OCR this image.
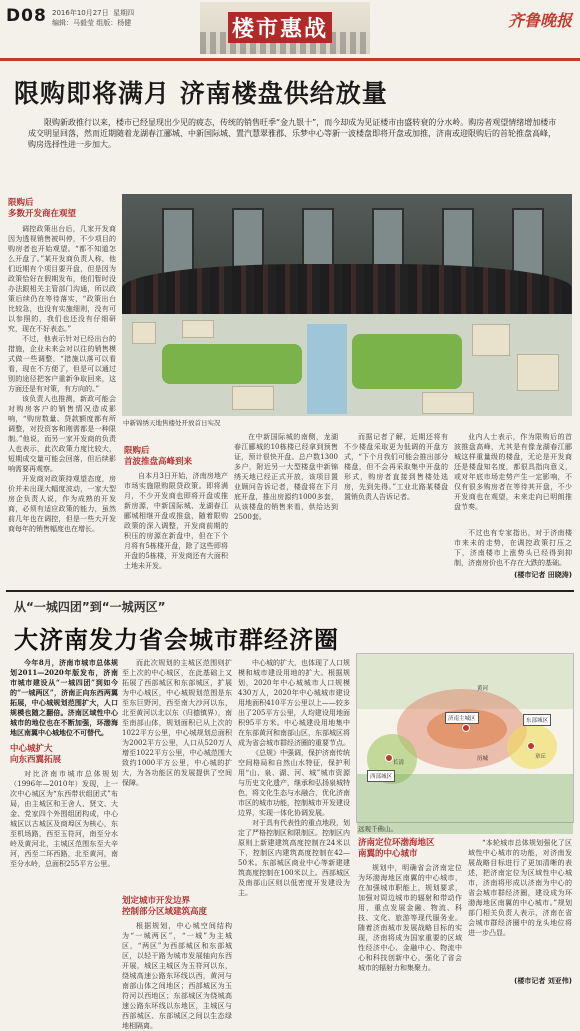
D08 2016年10月27日 星期四
编辑：马毅莹 组版：杨健	楼市惠战	齐鲁晚报
限购即将满月 济南楼盘供给放量
限购新政推行以来，楼市已经显现出少见的疲态，传统的销售旺季“金九银十”，而今却成为见证楼市由盛转衰的分水岭。购房者观望情绪增加楼市成交明显回落，然而近期随着龙湖春江郦城、中新国际城、置汽慧翠雅郡、乐梦中心等新一波楼盘即将开盘或加推，济南或迎限购后的首轮推盘高峰，购房选择性进一步加大。
限购后
多数开发商在观望
调控政策出台后，几家开发商因为透视销售被叫停，不少项目的购房者也开始观望。“都不知道怎么开盘了。”某开发商负责人称，他们近期有个项目要开盘，但是因为政策恰好在假期发布，他们暂时没办法跟相关主管部门沟通，所以政策后续仍在等待落实，“政策出台比较急，也没有实施细则，没有可以参照的，我们也还没有仔细研究，现在不好表态。”
不过，他表示针对已经出台的措施，企业未来会对以往的销售模式做一些调整，“措施以落可以看看，现在不方便了，但是可以通过别的途径把客户重新争取回来，这方面还是有对策，有方向的。”
该负责人也推测，新政可能会对购房客户的销售情况造成影响，“购房数量、贷款额度都有所调整，对投资客和刚需都是一种限制。”他说，而另一家开发商的负责人也表示，此次政策力度比较大，短期成交量可能会回落，但后续影响需要再观察。
开发商对政策持观望态度，房价并未出现大幅度波动，一家大型房企负责人说，作为成熟的开发商，必须有适应政策的能力，虽然前几年也在调控，但是一些大开发商每年的销售幅度也在增长。
中新锦绣天地售楼处开放首日实况
限购后
首波推盘高峰到来
自本月3日开始，济南房地产市场实施限购限贷政策。即将满月，不少开发商也即将开盘或推新房源，中新国际城、龙湖春江郦城相继开盘或推盘，随着限购政策的深入调整，开发商前期的积压的房源在新盘中，但在下个月将有5栋楼开盘，除了这些即将开盘的5栋楼，开发商还有大面积土地未开发。
在中新国际城的南侧，龙湖春江郦城的10栋楼已经拿到预售证，预计很快开盘。总户数1300多户，附近另一大型楼盘中新锦绣天地已经正式开放，该项目置业顾问告诉记者，楼盘将在下月底开盘，推出房源约1000多套，从该楼盘的销售来看，供给达到2500套。
而据记者了解，近期还将有不少楼盘采取更为低调的开盘方式，“下个月我们可能会推出部分楼盘，但不会再采取集中开盘的形式，购房者直接到售楼处选房，先到先得。”工业北路某楼盘置销负责人告诉记者。
业内人士表示，作为限购后的首波推盘高峰，尤其是有像龙湖春江郦城这样重量级的楼盘，无论是开发商还是楼盘知名度，都很具指向意义，或对年底市场走势产生一定影响，不仅有很多购房者在等待其开盘，不少开发商也在观望，未来走向已明朗推盘节奏。
不过也有专家指出，对于济南楼市来未的走势，在调控政策打压之下，济南楼市上涨势头已经得到抑制，济南房价也不存在大跌的基础。
(楼市记者 田晓涛)
从“一城四团”到“一城两区”
大济南发力省会城市群经济圈
今年8月，济南市城市总体规划2011—2020年版发布，济南市城市建设从“一城四团”到如今的“一城两区”，济南正向东西两翼拓展，中心城规划范围扩大，人口规模也随之翻倍。济南区域性中心城市的地位也在不断加强，环渤海地区南翼中心城地位不可替代。
中心城扩大
向东西翼拓展
对比济南市城市总体规划（1996年—2010年）发现，上一次中心城区为“东西带状组团式”布局，由主城区和王舍人、贤文、大金、党家四个外围组团构成，中心城区以古城区及商埠区为核心，东至机场路，西至玉符河，南至分水岭及黄河北，主城区范围东至大辛河，西至二环西路，北至黄河，南至分水岭，总面积255平方公里。
而此次规划的主城区范围则扩至上次的中心城区，在此基础上又拓展了西部城区和东部城区，扩展为中心城区，中心城规划范围是东至东巨野河，西至南大沙河以东，北至黄河以北以东（归德镇界），南至南部山体，规划面积已从上次的1022平方公里，中心城规划总面积为2002平方公里，人口从520万人增至1022平方公里，中心城范围大致约1000平方公里，中心城的扩大，为各功能区的发展提供了空间保障。
划定城市开发边界
控制部分区域建筑高度
根据规划，中心城空间结构为“一城两区”，“一城”为主城区，“两区”为西部城区和东部城区，以轻干路为城市发展轴向东西开展，城区主城区为玉符河以东，绕城高速公路东环线以西，黄河与南部山体之间地区；西部城区为玉符河以西地区；东部城区为绕城高速公路东环线以东地区，主城区与西部城区、东部城区之间以生态绿地相隔离。
中心城的扩大，也体现了人口规模和城市建设用地的扩大。根据规划，2020年中心城城市人口规模430万人，2020年中心城城市建设用地面积410平方公里以上——较多出了205平方公里，人均建设用地面积95平方米。中心城建设用地集中在东部黄河和南部山区，东部城区将成为省会城市群经济圈的重要节点。
《总规》中强调，保护济南传统空间格局和自然山水特征，保护利用“山、泉、湖、河、城”城市资源与历史文化遗产，继承和弘扬泉城特色，将文化生态与水融合，优化济南市区的城市功能，控制城市开发建设边界，实现一体化协调发展。
对于具有代表性的重点地段，划定了严格控制区和限制区。控制区内原则上新建建筑高度控制在24米以下，控制区内建筑高度控制在42—50米。东部城区商业中心等新建建筑高度控制在100米以上。西部城区及南部山区则以低密度开发建设为主。
济南主城区	东部城区
西部城区
黄河
章丘
长清
历城
远观千佛山。
济南定位环渤海地区
南翼的中心城市
规划中，明确省会济南定位为环渤海地区南翼的中心城市，在加强城市职能上，规划要求，加强对周边城市的辐射和带动作用，重点发展金融、物流、科技、文化、旅游等现代服务业。随着济南城市发展战略目标的实现，济南将成为国家重要的区域性经济中心、金融中心、物流中心和科技创新中心，强化了省会城市的辐射力和集聚力。
“本轮城市总体规划强化了区域性中心城市的功能，对济南发展战略目标进行了更加清晰的表述，把济南定位为区域性中心城市，济南将形成以济南为中心的省会城市群经济圈，建设成为环渤海地区南翼的中心城市。”规划部门相关负责人表示，济南在省会城市群经济圈中的龙头地位将进一步凸显。
(楼市记者 刘亚伟)
